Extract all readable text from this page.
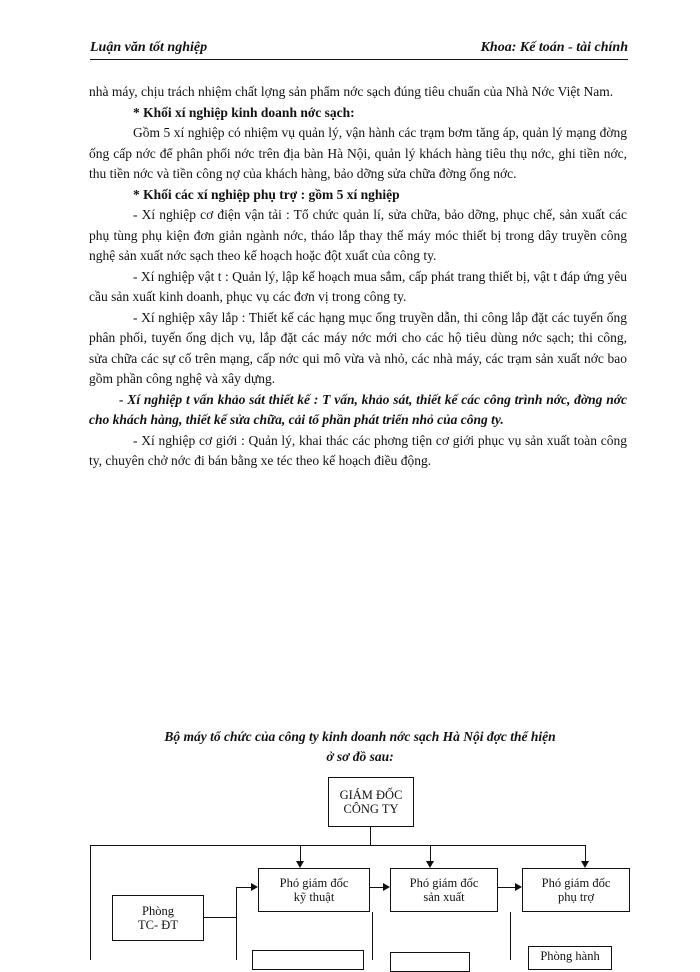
Luận văn tốt nghiệp	Khoa: Kế toán - tài chính

nhà máy, chịu trách nhiệm chất lợng sản phẩm nớc sạch đúng tiêu chuẩn của Nhà Nớc Việt Nam.

* Khối xí nghiệp kinh doanh nớc sạch:

Gồm 5 xí nghiệp có nhiệm vụ quản lý, vận hành các trạm bơm tăng áp, quản lý mạng đờng ống cấp nớc để phân phối nớc trên địa bàn Hà Nội, quản lý khách hàng tiêu thụ nớc, ghi tiền nớc, thu tiền nớc và tiền công nợ của khách hàng, bảo dỡng sửa chữa đờng ống nớc.

* Khối các xí nghiệp phụ trợ : gồm 5 xí nghiệp

- Xí nghiệp cơ điện vận tải : Tổ chức quản lí, sửa chữa, bảo dỡng, phục chế, sản xuất các phụ tùng phụ kiện đơn giản ngành nớc, tháo lắp thay thế máy móc thiết bị trong dây truyền công nghệ sản xuất nớc sạch theo kế hoạch hoặc đột xuất của công ty.

- Xí nghiệp vật t : Quản lý, lập kế hoạch mua sắm, cấp phát trang thiết bị, vật t đáp ứng yêu cầu sản xuất kinh doanh, phục vụ các đơn vị trong công ty.

- Xí nghiệp xây lắp : Thiết kế các hạng mục ống truyền dẫn, thi công lắp đặt các tuyến ống phân phối, tuyến ống dịch vụ, lắp đặt các máy nớc mới cho các hộ tiêu dùng nớc sạch; thi công, sửa chữa các sự cố trên mạng, cấp nớc qui mô vừa và nhỏ, các nhà máy, các trạm sản xuất nớc bao gồm phần công nghệ và xây dựng.

- Xí nghiệp t vấn khảo sát thiết kế : T vấn, khảo sát, thiết kế các công trình nớc, đờng nớc cho khách hàng, thiết kế sửa chữa, cải tổ phần phát triển nhỏ của công ty.

- Xí nghiệp cơ giới : Quản lý, khai thác các phơng tiện cơ giới phục vụ sản xuất toàn công ty, chuyên chở nớc đi bán bằng xe téc theo kế hoạch điều động.

Bộ máy tổ chức của công ty kinh doanh nớc sạch Hà Nội đợc thể hiện
ở sơ đồ sau:
GIÁM ĐỐC
CÔNG TY
Phó giám đốc
kỹ thuật
Phó giám đốc
sản xuất
Phó giám đốc
phụ trợ
Phòng
TC- ĐT
Phòng hành
